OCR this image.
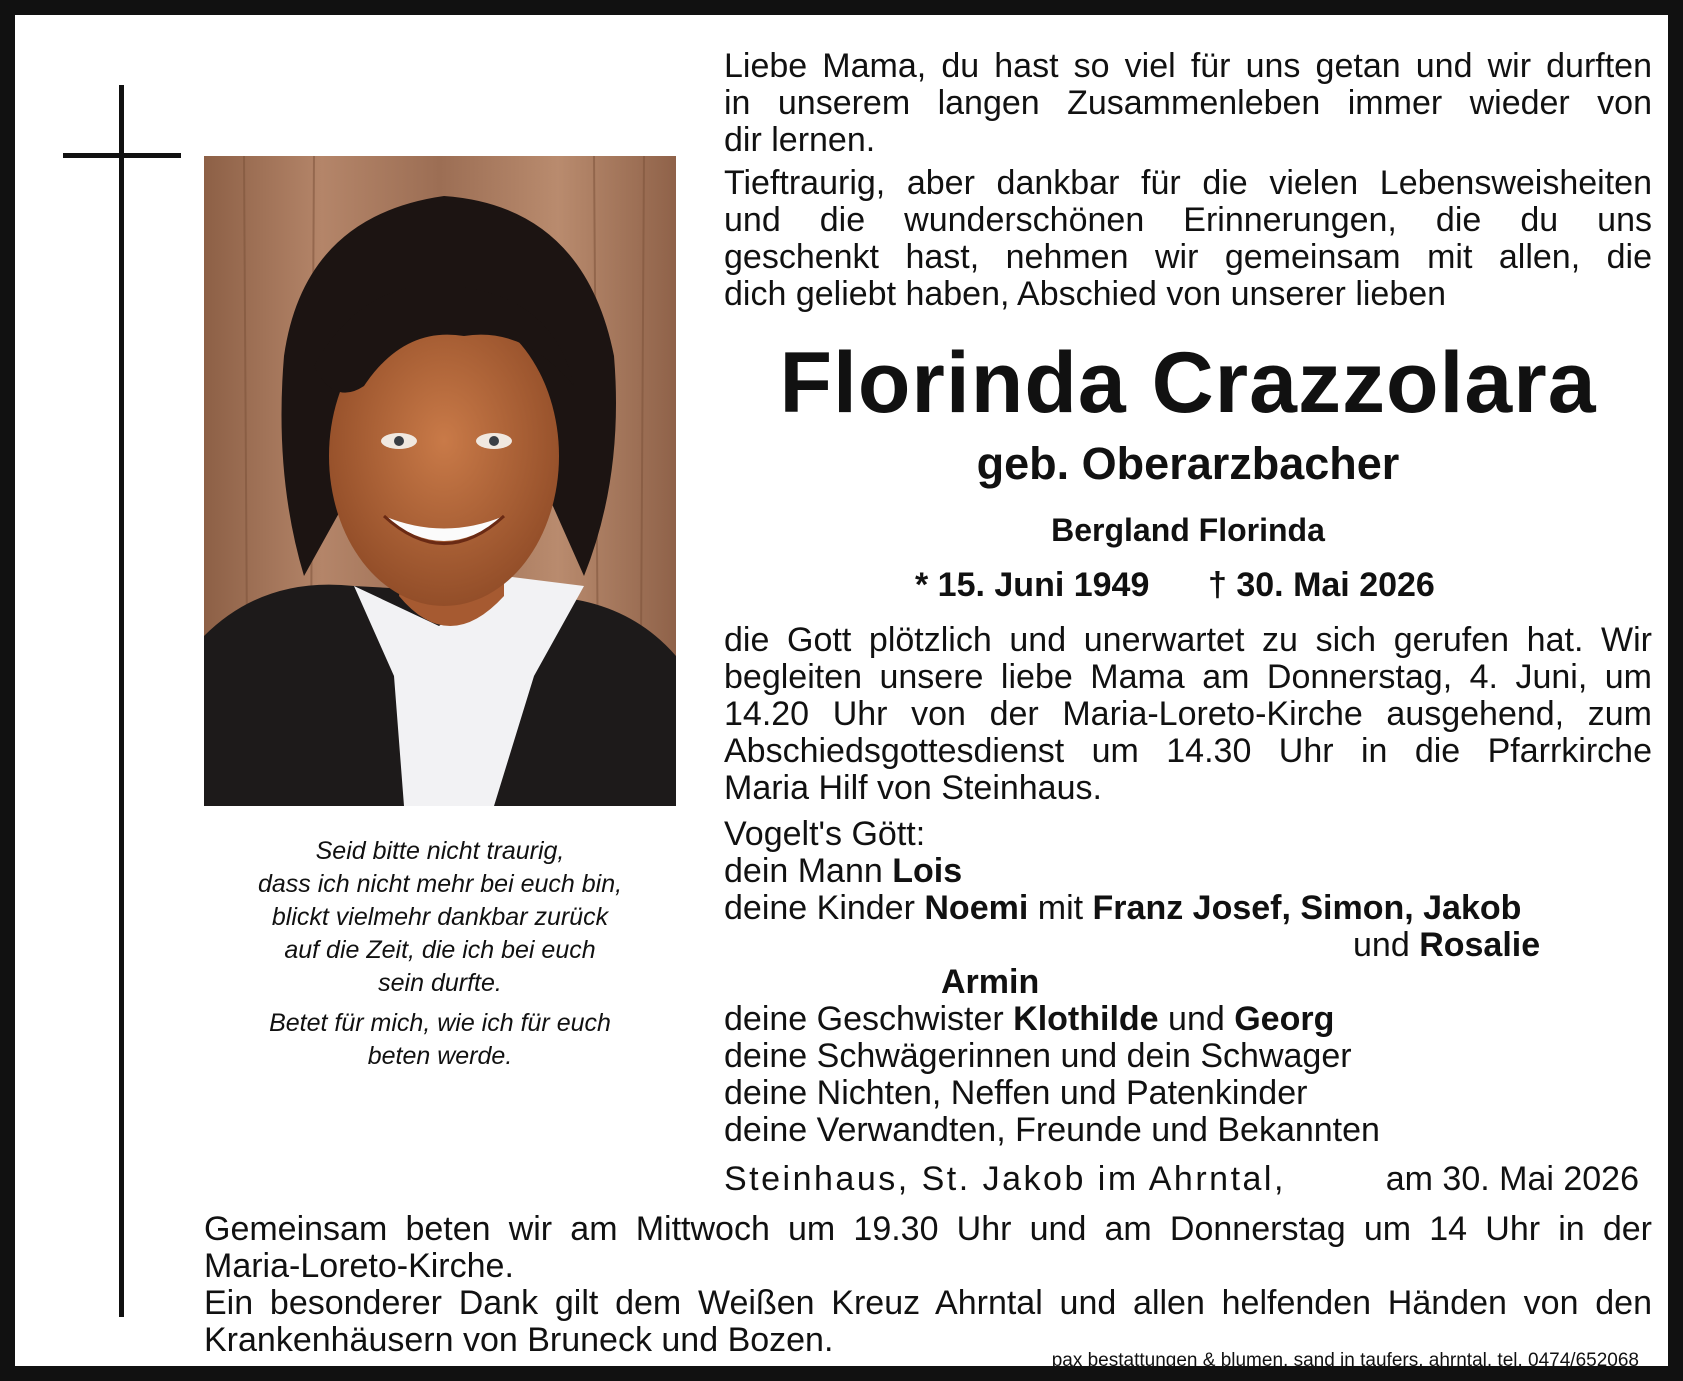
Seid bitte nicht traurig,
dass ich nicht mehr bei euch bin,
blickt vielmehr dankbar zurück
auf die Zeit, die ich bei euch
sein durfte.
Betet für mich, wie ich für euch
beten werde.
Liebe Mama, du hast so viel für uns getan und wir durften
in unserem langen Zusammenleben immer wieder von
dir lernen.
Tieftraurig, aber dankbar für die vielen Lebensweisheiten
und die wunderschönen Erinnerungen, die du uns
geschenkt hast, nehmen wir gemeinsam mit allen, die
dich geliebt haben, Abschied von unserer lieben
Florinda Crazzolara
geb. Oberarzbacher
Bergland Florinda
* 15. Juni 1949 † 30. Mai 2026
die Gott plötzlich und unerwartet zu sich gerufen hat. Wir
begleiten unsere liebe Mama am Donnerstag, 4. Juni, um
14.20 Uhr von der Maria-Loreto-Kirche ausgehend, zum
Abschiedsgottesdienst um 14.30 Uhr in die Pfarrkirche
Maria Hilf von Steinhaus.
Vogelt's Gött:
dein Mann Lois
deine Kinder Noemi mit Franz Josef, Simon, Jakob
und Rosalie
Armin
deine Geschwister Klothilde und Georg
deine Schwägerinnen und dein Schwager
deine Nichten, Neffen und Patenkinder
deine Verwandten, Freunde und Bekannten
Steinhaus, St. Jakob im Ahrntal,	am 30. Mai 2026
Gemeinsam beten wir am Mittwoch um 19.30 Uhr und am Donnerstag um 14 Uhr in der
Maria-Loreto-Kirche.
Ein besonderer Dank gilt dem Weißen Kreuz Ahrntal und allen helfenden Händen von den
Krankenhäusern von Bruneck und Bozen.
pax bestattungen & blumen, sand in taufers, ahrntal, tel. 0474/652068
